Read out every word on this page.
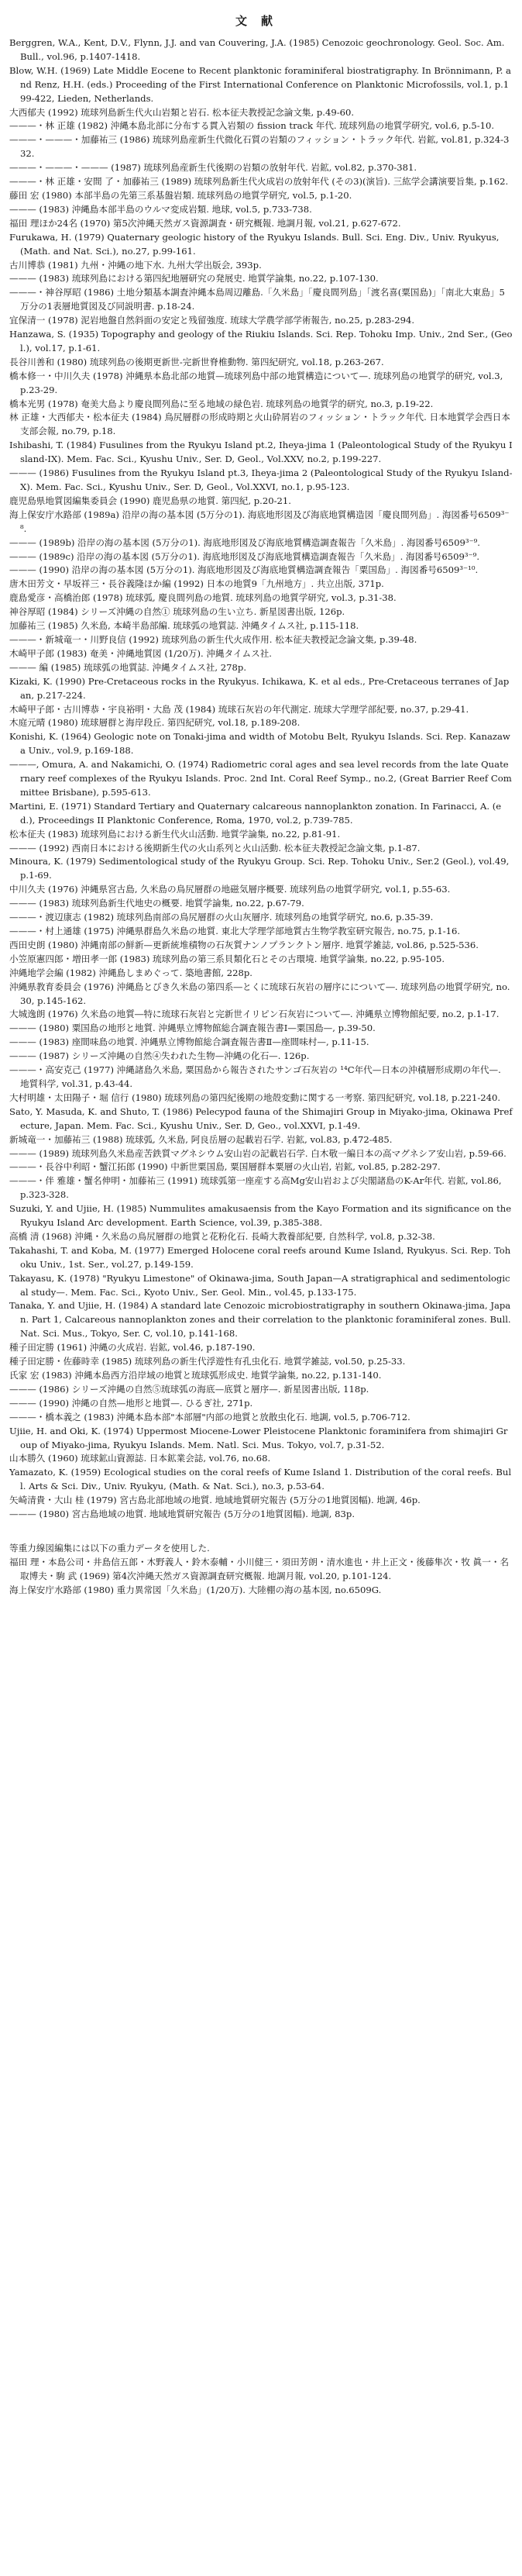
文献

Berggren, W.A., Kent, D.V., Flynn, J.J. and van Couvering, J.A. (1985) Cenozoic geochronology. Geol. Soc. Am. Bull., vol.96, p.1407-1418.

Blow, W.H. (1969) Late Middle Eocene to Recent planktonic foraminiferal biostratigraphy. In Brönnimann, P. and Renz, H.H. (eds.) Proceeding of the First International Conference on Planktonic Microfossils, vol.1, p.199-422, Lieden, Netherlands.

大西郁夫 (1992) 琉球列島新生代火山岩類と岩石. 松本征夫教授記念論文集, p.49-60.

———・林 正雄 (1982) 沖縄本島北部に分布する貫入岩類の fission track 年代. 琉球列島の地質学研究, vol.6, p.5-10.

———・———・加藤祐三 (1986) 琉球列島産新生代微化石質の岩類のフィッション・トラック年代. 岩鉱, vol.81, p.324-332.

———・———・——— (1987) 琉球列島産新生代後期の岩類の放射年代. 岩鉱, vol.82, p.370-381.

———・林 正雄・安間 了・加藤祐三 (1989) 琉球列島新生代火成岩の放射年代 (その3)(演旨). 三紘学会講演要旨集, p.162.

藤田 宏 (1980) 本部半島の先第三系基盤岩類. 琉球列島の地質学研究, vol.5, p.1-20.

——— (1983) 沖縄島本部半島のウルマ変成岩類. 地球, vol.5, p.733-738.

福田 理ほか24名 (1970) 第5次沖縄天然ガス資源調査・研究概報. 地調月報, vol.21, p.627-672.

Furukawa, H. (1979) Quaternary geologic history of the Ryukyu Islands. Bull. Sci. Eng. Div., Univ. Ryukyus, (Math. and Nat. Sci.), no.27, p.99-161.

古川博恭 (1981) 九州・沖縄の地下水. 九州大学出版会, 393p.

——— (1983) 琉球列島における第四紀地層研究の発展史. 地質学論集, no.22, p.107-130.

———・神谷厚昭 (1986) 土地分類基本調査沖縄本島周辺離島.「久米島」「慶良間列島」「渡名喜(粟国島)」「南北大東島」5万分の1表層地質図及び同説明書. p.18-24.

宜保清一 (1978) 泥岩地盤自然斜面の安定と残留強度. 琉球大学農学部学術報告, no.25, p.283-294.

Hanzawa, S. (1935) Topography and geology of the Riukiu Islands. Sci. Rep. Tohoku Imp. Univ., 2nd Ser., (Geol.), vol.17, p.1-61.

長谷川善和 (1980) 琉球列島の後期更新世-完新世脊椎動物. 第四紀研究, vol.18, p.263-267.

橋本修一・中川久夫 (1978) 沖縄県本島北部の地質—琉球列島中部の地質構造について—. 琉球列島の地質学的研究, vol.3, p.23-29.

橋本光男 (1978) 奄美大島より慶良間列島に至る地域の緑色岩. 琉球列島の地質学的研究, no.3, p.19-22.

林 正雄・大西郁夫・松本征夫 (1984) 鳥尻層群の形成時期と火山砕屑岩のフィッション・トラック年代. 日本地質学会西日本支部会報, no.79, p.18.

Ishibashi, T. (1984) Fusulines from the Ryukyu Island pt.2, Iheya-jima 1 (Paleontological Study of the Ryukyu Island-IX). Mem. Fac. Sci., Kyushu Univ., Ser. D, Geol., Vol.XXV, no.2, p.199-227.

——— (1986) Fusulines from the Ryukyu Island pt.3, Iheya-jima 2 (Paleontological Study of the Ryukyu Island-X). Mem. Fac. Sci., Kyushu Univ., Ser. D, Geol., Vol.XXVI, no.1, p.95-123.

鹿児島県地質図編集委員会 (1990) 鹿児島県の地質. 第四紀, p.20-21.

海上保安庁水路部 (1989a) 沿岸の海の基本図 (5万分の1). 海底地形図及び海底地質構造図「慶良間列島」. 海図番号6509³⁻⁸.

——— (1989b) 沿岸の海の基本図 (5万分の1). 海底地形図及び海底地質構造調査報告「久米島」. 海図番号6509³⁻⁹.

——— (1989c) 沿岸の海の基本図 (5万分の1). 海底地形図及び海底地質構造調査報告「久米島」. 海図番号6509³⁻⁹.

——— (1990) 沿岸の海の基本図 (5万分の1). 海底地形図及び海底地質構造調査報告「粟国島」. 海図番号6509³⁻¹⁰.

唐木田芳文・早坂祥三・長谷義隆ほか編 (1992) 日本の地質9「九州地方」. 共立出版, 371p.

鹿島愛彦・高橋治郎 (1978) 琉球弧, 慶良間列島の地質. 琉球列島の地質学研究, vol.3, p.31-38.

神谷厚昭 (1984) シリーズ沖縄の自然① 琉球列島の生い立ち. 新星図書出版, 126p.

加藤祐三 (1985) 久米島, 本崎半島部編. 琉球弧の地質誌. 沖縄タイムス社, p.115-118.

———・新城竜一・川野良信 (1992) 琉球列島の新生代火成作用. 松本征夫教授記念論文集, p.39-48.

木崎甲子郎 (1983) 奄美・沖縄地質図 (1/20万). 沖縄タイムス社.

——— 編 (1985) 琉球弧の地質誌. 沖縄タイムス社, 278p.

Kizaki, K. (1990) Pre-Cretaceous rocks in the Ryukyus. Ichikawa, K. et al eds., Pre-Cretaceous terranes of Japan, p.217-224.

木崎甲子郎・古川博恭・宇良裕明・大島 茂 (1984) 琉球石灰岩の年代測定. 琉球大学理学部紀要, no.37, p.29-41.

木庭元晴 (1980) 琉球層群と海岸段丘. 第四紀研究, vol.18, p.189-208.

Konishi, K. (1964) Geologic note on Tonaki-jima and width of Motobu Belt, Ryukyu Islands. Sci. Rep. Kanazawa Univ., vol.9, p.169-188.

———, Omura, A. and Nakamichi, O. (1974) Radiometric coral ages and sea level records from the late Quaternary reef complexes of the Ryukyu Islands. Proc. 2nd Int. Coral Reef Symp., no.2, (Great Barrier Reef Committee Brisbane), p.595-613.

Martini, E. (1971) Standard Tertiary and Quaternary calcareous nannoplankton zonation. In Farinacci, A. (ed.), Proceedings II Planktonic Conference, Roma, 1970, vol.2, p.739-785.

松本征夫 (1983) 琉球列島における新生代火山活動. 地質学論集, no.22, p.81-91.

——— (1992) 西南日本における後期新生代の火山系列と火山活動. 松本征夫教授記念論文集, p.1-87.

Minoura, K. (1979) Sedimentological study of the Ryukyu Group. Sci. Rep. Tohoku Univ., Ser.2 (Geol.), vol.49, p.1-69.

中川久夫 (1976) 沖縄県宮古島, 久米島の鳥尻層群の地磁気層序概要. 琉球列島の地質学研究, vol.1, p.55-63.

——— (1983) 琉球列島新生代地史の概要. 地質学論集, no.22, p.67-79.

———・渡辺康志 (1982) 琉球列島南部の鳥尻層群の火山灰層序. 琉球列島の地質学研究, no.6, p.35-39.

———・村上通雄 (1975) 沖縄県群島久米島の地質. 東北大学理学部地質古生物学教室研究報告, no.75, p.1-16.

西田史朗 (1980) 沖縄南部の鮮新—更新統堆積物の石灰質ナンノプランクトン層序. 地質学雑誌, vol.86, p.525-536.

小笠原憲四郎・増田孝一郎 (1983) 琉球列島の第三系貝類化石とその古環境. 地質学論集, no.22, p.95-105.

沖縄地学会編 (1982) 沖縄島しまめぐって. 築地書館, 228p.

沖縄県教育委員会 (1976) 沖縄島とびき久米島の第四系―とくに琉球石灰岩の層序にについて―. 琉球列島の地質学研究, no.30, p.145-162.

大城逸朗 (1976) 久米島の地質―特に琉球石灰岩と完新世イリピン石灰岩について―. 沖縄県立博物館紀要, no.2, p.1-17.

——— (1980) 粟国島の地形と地質. 沖縄県立博物館総合調査報告書Ⅰ—粟国島—, p.39-50.

——— (1983) 座間味島の地質. 沖縄県立博物館総合調査報告書Ⅱ—座間味村—, p.11-15.

——— (1987) シリーズ沖縄の自然④失われた生物—沖縄の化石—. 126p.

———・高安克己 (1977) 沖縄諸島久米島, 粟国島から報告されたサンゴ石灰岩の ¹⁴C年代—日本の沖積層形成期の年代—. 地質科学, vol.31, p.43-44.

大村明雄・太田陽子・堀 信行 (1980) 琉球列島の第四紀後期の地殻変動に関する一考察. 第四紀研究, vol.18, p.221-240.

Sato, Y. Masuda, K. and Shuto, T. (1986) Pelecypod fauna of the Shimajiri Group in Miyako-jima, Okinawa Prefecture, Japan. Mem. Fac. Sci., Kyushu Univ., Ser. D, Geo., vol.XXVI, p.1-49.

新城竜一・加藤祐三 (1988) 琉球弧, 久米島, 阿良岳層の起載岩石学. 岩鉱, vol.83, p.472-485.

——— (1989) 琉球列島久米島産苦鉄質マグネシウム安山岩の記載岩石学. 白木敬一編日本の高マグネシア安山岩, p.59-66.

———・長谷中利昭・蟹江拓郎 (1990) 中新世粟国島, 粟国層群本粟層の火山岩, 岩鉱, vol.85, p.282-297.

———・伴 雅雄・蟹名伸明・加藤祐三 (1991) 琉球弧第一座産する高Mg安山岩および尖閣諸島のK-Ar年代. 岩鉱, vol.86, p.323-328.

Suzuki, Y. and Ujiie, H. (1985) Nummulites amakusaensis from the Kayo Formation and its significance on the Ryukyu Island Arc development. Earth Science, vol.39, p.385-388.

高橋 清 (1968) 沖縄・久米島の鳥尻層群の地質と花粉化石. 長崎大教養部紀要, 自然科学, vol.8, p.32-38.

Takahashi, T. and Koba, M. (1977) Emerged Holocene coral reefs around Kume Island, Ryukyus. Sci. Rep. Tohoku Univ., 1st. Ser., vol.27, p.149-159.

Takayasu, K. (1978) "Ryukyu Limestone" of Okinawa-jima, South Japan—A stratigraphical and sedimentological study—. Mem. Fac. Sci., Kyoto Univ., Ser. Geol. Min., vol.45, p.133-175.

Tanaka, Y. and Ujiie, H. (1984) A standard late Cenozoic microbiostratigraphy in southern Okinawa-jima, Japan. Part 1, Calcareous nannoplankton zones and their correlation to the planktonic foraminiferal zones. Bull. Nat. Sci. Mus., Tokyo, Ser. C, vol.10, p.141-168.

種子田定勝 (1961) 沖縄の火成岩. 岩鉱, vol.46, p.187-190.

種子田定勝・佐藤時幸 (1985) 琉球列島の新生代浮遊性有孔虫化石. 地質学雑誌, vol.50, p.25-33.

氏家 宏 (1983) 沖縄本島西方沿岸域の地質と琉球弧形成史. 地質学論集, no.22, p.131-140.

——— (1986) シリーズ沖縄の自然⑤琉球弧の海底—底質と層序—. 新星図書出版, 118p.

——— (1990) 沖縄の自然—地形と地質—. ひるぎ社, 271p.

———・橋本義之 (1983) 沖縄本島本部"本部層"内部の地質と放散虫化石. 地調, vol.5, p.706-712.

Ujiie, H. and Oki, K. (1974) Uppermost Miocene-Lower Pleistocene Planktonic foraminifera from shimajiri Group of Miyako-jima, Ryukyu Islands. Mem. Natl. Sci. Mus. Tokyo, vol.7, p.31-52.

山本勝久 (1960) 琉球鉱山資源誌. 日本鉱業会誌, vol.76, no.68.

Yamazato, K. (1959) Ecological studies on the coral reefs of Kume Island 1. Distribution of the coral reefs. Bull. Arts & Sci. Div., Univ. Ryukyu, (Math. & Nat. Sci.), no.3, p.53-64.

矢崎清貴・大山 桂 (1979) 宮古島北部地域の地質. 地域地質研究報告 (5万分の1地質図幅). 地調, 46p.

——— (1980) 宮古島地域の地質. 地域地質研究報告 (5万分の1地質図幅). 地調, 83p.

等重力線図編集には以下の重力データを使用した.

福田 理・本島公司・井島信五郎・木野義人・鈴木泰輔・小川健三・須田芳朗・清水進也・井上正文・後藤隼次・牧 眞一・名取博夫・駒 武 (1969) 第4次沖縄天然ガス資源調査研究概報. 地調月報, vol.20, p.101-124.

海上保安庁水路部 (1980) 重力異常図「久米島」(1/20万). 大陸棚の海の基本図, no.6509G.
